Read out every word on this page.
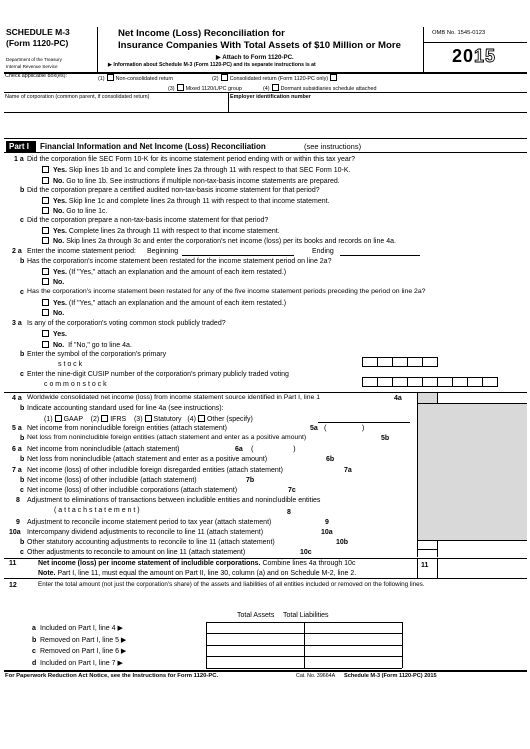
SCHEDULE M-3
(Form 1120-PC)
Department of the Treasury
Internal Revenue Service
Net Income (Loss) Reconciliation for
Insurance Companies With Total Assets of $10 Million or More
▶ Attach to Form 1120-PC.
▶ Information about Schedule M-3 (Form 1120-PC) and its separate instructions is at
OMB No. 1545-0123
2015
Check applicable box(es):	(1) Non-consolidated return	(2) Consolidated return (Form 1120-PC only)
(3) Mixed 1120/L/PC group	(4) Dormant subsidiaries schedule attached
Name of corporation (common parent, if consolidated return)	Employer identification number
Part I	Financial Information and Net Income (Loss) Reconciliation	(see instructions)
1 a Did the corporation file SEC Form 10-K for its income statement period ending with or within this tax year?
Yes. Skip lines 1b and 1c and complete lines 2a through 11 with respect to that SEC Form 10-K.
No. Go to line 1b. See instructions if multiple non-tax-basis income statements are prepared.
b Did the corporation prepare a certified audited non-tax-basis income statement for that period?
Yes. Skip line 1c and complete lines 2a through 11 with respect to that income statement.
No. Go to line 1c.
c Did the corporation prepare a non-tax-basis income statement for that period?
Yes. Complete lines 2a through 11 with respect to that income statement.
No. Skip lines 2a through 3c and enter the corporation's net income (loss) per its books and records on line 4a.
2 a Enter the income statement period: Beginning	Ending
b Has the corporation's income statement been restated for the income statement period on line 2a?
Yes. (If "Yes," attach an explanation and the amount of each item restated.)
No.
c Has the corporation's income statement been restated for any of the five income statement periods preceding the period on line 2a?
Yes. (If "Yes," attach an explanation and the amount of each item restated.)
No.
3 a Is any of the corporation's voting common stock publicly traded?
Yes.
No. If "No," go to line 4a.
b Enter the symbol of the corporation's primary
s t o c k
c Enter the nine-digit CUSIP number of the corporation's primary publicly traded voting
c o m m o n s t o c k
4 a Worldwide consolidated net income (loss) from income statement source identified in Part I, line 1	4a
b Indicate accounting standard used for line 4a (see instructions):
(1) GAAP (2) IFRS (3) Statutory (4) Other (specify)
5 a Net income from nonincludible foreign entities (attach statement)	5a (                 )
b Net loss from nonincludible foreign entities (attach statement and enter as a positive amount)	5b
6 a Net income from nonincludible (attach statement)	6a (                   )
b Net loss from nonincludible (attach statement and enter as a positive amount)	6b
7 a Net income (loss) of other includible foreign disregarded entities (attach statement)	7a
b Net income (loss) of other includible (attach statement)	7b
c Net income (loss) of other includible corporations (attach statement)	7c
8 Adjustment to eliminations of transactions between includible entities and nonincludible entities
( a t t a c h s t a t e m e n t )	8
9 Adjustment to reconcile income statement period to tax year (attach statement)	9
10a Intercompany dividend adjustments to reconcile to line 11 (attach statement)	10a
b Other statutory accounting adjustments to reconcile to line 11 (attach statement)	10b
c Other adjustments to reconcile to amount on line 11 (attach statement)	10c
11	Net income (loss) per income statement of includible corporations. Combine lines 4a through 10c
Note. Part I, line 11, must equal the amount on Part II, line 30, column (a) and on Schedule M-2, line 2.
11
12	Enter the total amount (not just the corporation's share) of the assets and liabilities of all entities included or removed on the following lines.
Total Assets Total Liabilities
a Included on Part I, line 4 ▶
b Removed on Part I, line 5 ▶
c Removed on Part I, line 6 ▶
d Included on Part I, line 7 ▶
For Paperwork Reduction Act Notice, see the Instructions for Form 1120-PC.	Cat. No. 39664A Schedule M-3 (Form 1120-PC) 2015
